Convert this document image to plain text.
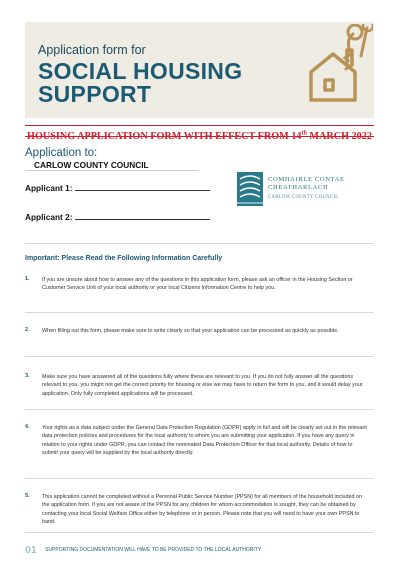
Application form for
SOCIAL HOUSING SUPPORT
HOUSING APPLICATION FORM WITH EFFECT FROM 14th MARCH 2022
Application to:
CARLOW COUNTY COUNCIL
Applicant 1:
Applicant 2:
COMHAIRLE CONTAE
CHEATHARLACH
CARLOW COUNTY COUNCIL
Important: Please Read the Following Information Carefully
1. If you are unsure about how to answer any of the questions in this application form, please ask an officer in the Housing Section or Customer Service Unit of your local authority or your local Citizens Information Centre to help you.
2. When filling out this form, please make sure to write clearly so that your application can be processed as quickly as possible.
3. Make sure you have answered all of the questions fully where these are relevant to you. If you do not fully answer all the questions relevant to you, you might not get the correct priority for housing or else we may have to return the form to you, and it would delay your application. Only fully completed applications will be processed.
4. Your rights as a data subject under the General Data Protection Regulation (GDPR) apply in full and will be clearly set out in the relevant data protection policies and procedures for the local authority to whom you are submitting your application. If you have any query in relation to your rights under GDPR, you can contact the nominated Data Protection Officer for that local authority. Details of how to submit your query will be supplied by the local authority directly.
5. This application cannot be completed without a Personal Public Service Number (PPSN) for all members of the household included on the application form. If you are not aware of the PPSN for any children for whom accommodation is sought, they can be obtained by contacting your local Social Welfare Office either by telephone or in person. Please note that you will need to have your own PPSN to hand.
01 SUPPORTING DOCUMENTATION WILL HAVE TO BE PROVIDED TO THE LOCAL AUTHORITY
